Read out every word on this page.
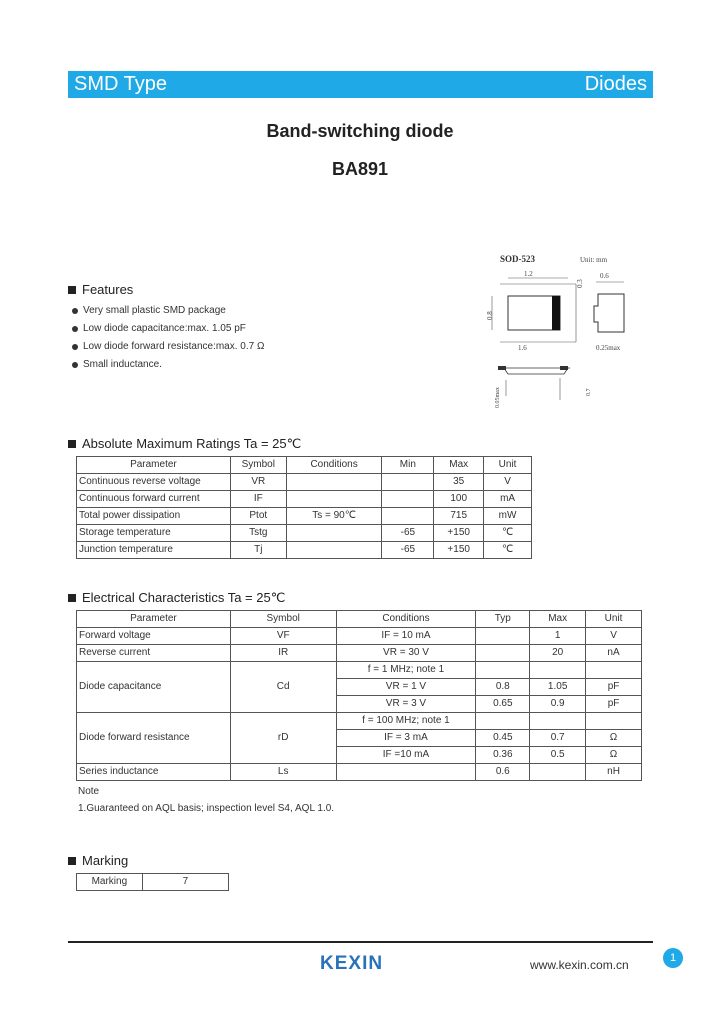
SMD Type	Diodes
Band-switching diode
BA891
SOD-523	Unit: mm
1.2
0.8
0.3
1.6
0.6
0.25max
0.05max	0.7
Features
Very small plastic SMD package
Low diode capacitance:max. 1.05 pF
Low diode forward resistance:max. 0.7 Ω
Small inductance.
Absolute Maximum Ratings Ta = 25℃
Parameter	Symbol	Conditions	Min	Max	Unit
Continuous reverse voltage	VR			35	V
Continuous forward current	IF			100	mA
Total power dissipation	Ptot	Ts = 90℃		715	mW
Storage temperature	Tstg		-65	+150	℃
Junction temperature	Tj		-65	+150	℃
Electrical Characteristics Ta = 25℃
Parameter	Symbol	Conditions	Typ	Max	Unit
Forward voltage	VF	IF = 10 mA		1	V
Reverse current	IR	VR = 30 V		20	nA
Diode capacitance	Cd	f = 1 MHz; note 1			
		VR = 1 V	0.8	1.05	pF
		VR = 3 V	0.65	0.9	pF
Diode forward resistance	rD	f = 100 MHz; note 1			
		IF = 3 mA	0.45	0.7	Ω
		IF =10 mA	0.36	0.5	Ω
Series inductance	Ls		0.6		nH
Note
1.Guaranteed on AQL basis; inspection level S4, AQL 1.0.
Marking
Marking	7
KEXIN	www.kexin.com.cn	1
